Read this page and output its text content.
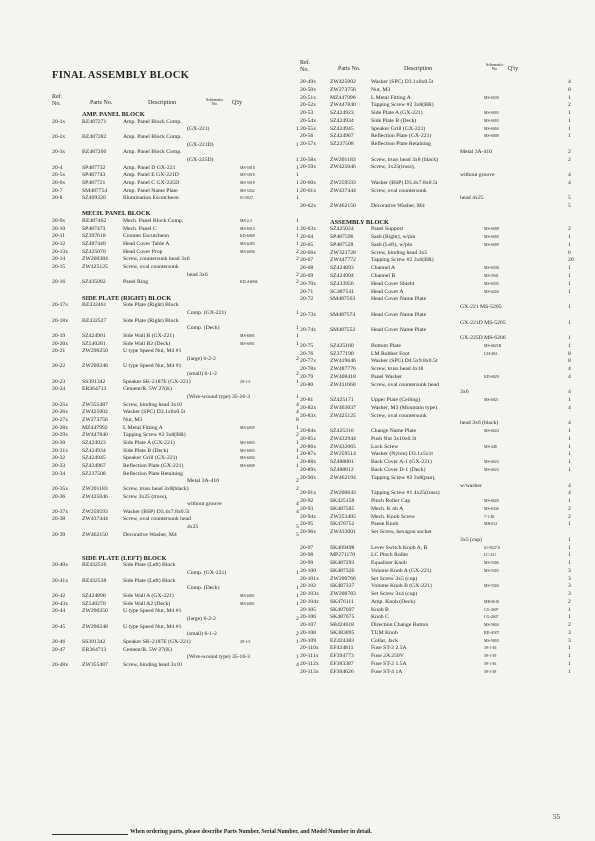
FINAL ASSEMBLY BLOCK
Ref.
No.	Parts No.	Description
Schematic
No.	Q'ty
Ref.
No.	Parts No.	Description
Schematic
No.	Q'ty
AMP. PANEL BLOCK
20-1x	BZ487271	Amp. Panel Block Comp.
(GX-221)	1
20-2x	BZ487282	Amp. Panel Block Comp.
(GX-221D)	1
20-3x	BZ487260	Amp. Panel Block Comp.
(GX-225D)	1
20-4	SP487732	Amp. Panel D GX-221	MS-5018	1
20-5x	SP487743	Amp. Panel E GX-221D	MS-5018	1
20-6x	SP487721	Amp. Panel C GX-225D	MS-5018	1
20-7	SM487754	Amp. Panel Name Plate	MS-5202	1
20-8	SZ409320	Illumination Escutcheon	61-5027	1
MECH. PANEL BLOCK
20-9x	BZ487462	Mech. Panel Block Comp.	MS-2,3	1
20-10	SP487473	Mech. Panel C	MS-6014	1
20-11	SZ397618	Counter Escutcheon	KD-6068	1
20-12	SZ487440	Head Cover Table A	MS-6283	1
20-13x SZ425070	Head Cover Prop	MS-6036	2
20-14	ZW200384	Screw, countersunk head 3x6	2
20-15	ZW425125	Screw, oval countersunk
head 3x6	2
20-16	SZ435082	Panel Ring	KD-A6004	2
SIDE PLATE (RIGHT) BLOCK
20-17x BZ432461	Side Plate (Right) Block
Comp. (GX-221)	1
20-18x BZ432527	Side Plate (Right) Block
Comp. (Deck)	1
20-19	SZ424901	Side Wall B (GX-221)	MS-6001	1
20-20x SZ540281	Side Wall B2 (Deck)	MS-6001	1
20-21	ZW290250	U type Speed Nut, M4 #1
(large) 6-2-2	2
20-22	ZW290248	U type Speed Nut, M4 #1
(small) 6-1-2	2
20-23	SS391342	Speaker SK-2187E (GX-221)	29-1-5	1
20-24	ER364713	Cement/R. 5W 27(K)
(Wire-wound type) 35-16-3	1
20-25x ZW355487	Screw, binding head 3x10	4
20-26x ZW425002	Washer (SPC) D3.1x8x0.5t	4
20-27x ZW273756	Nut, M3	8
20-28x MZ447992	L Metal Fitting A	MS-6039	1
20-29x ZW447840	Tapping Screw #2 3x8(BR)	2
20-30	SZ424923	Side Plate A (GX-221)	MS-6003	1
20-31x SZ424934	Side Plate B (Deck)	MS-6003	1
20-32	SZ424945	Speaker Grill (GX-221)	MS-6004	1
20-33	SZ424967	Reflection Plate (GX-221)	MS-6008	1
20-34	SZ237508	Reflection Plate Retaining
Metal 3A-410	2
20-35x ZW201183	Screw, truss head 3x8(black)	2
20-36	ZW425046	Screw 3x25 (truss),
without groove	4
20-37x ZW259593	Washer (BSP) D3.4x7.8x0.5t	4
20-38	ZW437444	Screw, oval countersunk head
4x25	5
20-39	ZW462150	Decorative Washer, M4	5
SIDE PLATE (LEFT) BLOCK
20-40x BZ432516	Side Plate (Left) Block
Comp. (GX-221)	1
20-41x BZ432538	Side Plate (Left) Block
Comp. (Deck)	1
20-42	SZ424890	Side Wall A (GX-221)	MS-6001	1
20-43x SZ540270	Side Wall A2 (Deck)	MS-6001	1
20-44	ZW290250	U type Speed Nut, M4 #1
(large) 6-2-2	2
20-45	ZW290248	U type Speed Nut, M4 #1
(small) 6-1-2	2
20-46	SS391342	Speaker SK-2187E (GX-221)	29-1-5	1
20-47	ER364713	Cement/R. 5W 27(K)
(Wire-wound type) 35-16-3	1
20-48x ZW355487	Screw, binding head 3x10	4
20-49x ZW425002	Washer (SPC) D3.1x8x0.5t	4
20-50x ZW273756	Nut, M3	8
20-51x MZ447996	L Metal Fitting A	MS-6039	1
20-52x ZW447840	Tapping Screw #2 3x8(BR)	2
20-53	SZ424923	Side Plate A (GX-221)	MS-6003	1
20-54x SZ424934	Side Plate B (Deck)	MS-6003	1
20-55x SZ424945	Speaker Grill (GX-221)	MS-6004	1
20-56	SZ424967	Reflection Plate (GX-221)	MS-6008	1
20-57x SZ237508	Reflection Plate Retaining
Metal 3A-410	2
20-58x ZW201183	Screw, truss head 3x8 (black)	2
20-59x ZW425046	Screw, 3x25(truss),
without groove	4
20-60x ZW259593	Washer (BSP) D3.4x7.8x0.5t	4
20-61x ZW437444	Screw, oval countersunk
head 4x25	5
20-62x ZW462150	Decorative Washer, M4	5
ASSEMBLY BLOCK
20-63x SZ425024	Panel Support	MS-6008	2
20-64	SP487596	Sash (Right), w/pin	MS-6000	1
20-65	SP487528	Sash (Left), w/pin	MS-6009	1
20-66x ZW323728	Screw, binding head 3x5	6
20-67	ZW447772	Tapping Screw #2 3x6(BR)	20
20-68	SZ424893	Channel A	MS-6038	1
20-69	SZ424904	Channel B	MS-5941	1
20-70x SZ433956	Head Cover Shield	MS-6035	1
20-71	SC487541	Head Cover A	MS-6204	1
20-72	SM487563	Head Cover Name Plate
GX-221 MS-5205	1
20-73x SM487574	Head Cover Name Plate
GX-221D MS-5205	1
20-74x SM487552	Head Cover Name Plate
GX-225D MS-6206	1
20-75	SZ425160	Bottom Plate	MS-6021B	1
20-76	SZ377190	LM Rubber Foot	LM-404	8
20-77x ZW419646	Washer (SPC) D4.5x9.8x0.5t	8
20-78x ZW487776	Screw, truss head 4x18	4
20-79	ZW408418	Panel Washer	KD-6029	4
20-80	ZW411660	Screw, oval countersunk head
3x6	4
20-81	SZ425171	Upper Plate (Ceiling)	MS-6021	1
20-82x ZW463037	Washer, M3 (Mountain type)	4
20-83x ZW425125	Screw, oval countersunk
head 3x6 (black)	4
20-84x SZ425316	Change Name Plate	MS-6024	1
20-85x ZW432944	Push Nut 3x10x0.3t	1
20-86x ZW432065	Lock Screw	MS-448	1
20-87x ZW259514	Washer (Nylon) D3.1x5x1t	1
20-88x SZ488801	Back Cover A-1 (GX-221)	MS-6023	1
20-89x SZ488812	Back Cover D-1 (Deck)	MS-6023	1
20-90x ZW462194	Tapping Screw #2 3x8(pan),
w/washer	4
20-91x ZW200643	Tapping Screw #1 4x25(truss)	4
20-92	SK425158	Pinch Roller Cap	MS-6020	1
20-93	SK487585	Mech. K ob A	MS-6336	2
20-94x ZW253405	Mech. Knob Screw	7-1-48	2
20-95	SK476752	Pause Knob	MR-612	1
20-96x ZW433001	Set Screw, hexagon socket
3x5 (cup)	1
20-97	SK409498	Lever Switch Knob A, B	61-5027,8	1
20-98	MP271170	LC Pinch Roller	LC-321	1
20-99	SK487293	Equalizer Knob	MS-5306	1
20-100 SK487326	Volume Knob A (GX-221)	MS-5303	3
20-101x ZW200766	Set Screw 3x5 (cup)	3
20-102 SK487337	Volume Knob B (GX-221)	MS-5304	3
20-103x ZW200783	Set Screw 3x4 (cup)	3
20-104x SK476111	Amp. Knob (Deck)	MR-6610	2
20-105 SK487697	Knob B	CG-2607	1
20-106 SK487675	Knob C	CG-2607	1
20-107 SB424618	Direction Change Button	MS-5604	2
20-108 SK383095	TUM Knob	BD-A507	3
20-109 EZ424383	Collar, Jack	MS-5803	3
20-110x EF424811	Fuse ST-2 2.5A	39-1-36	1
20-111x EF394773	Fuse 2A 250V	39-1-39	1
20-112x EF383387	Fuse ST-2 1.5A	39-1-36	1
20-113x EF304626	Fuse ST-4 1A	39-1-38	1
When ordering parts, please describe Parts Number, Serial Number, and Model Number in detail.
55
